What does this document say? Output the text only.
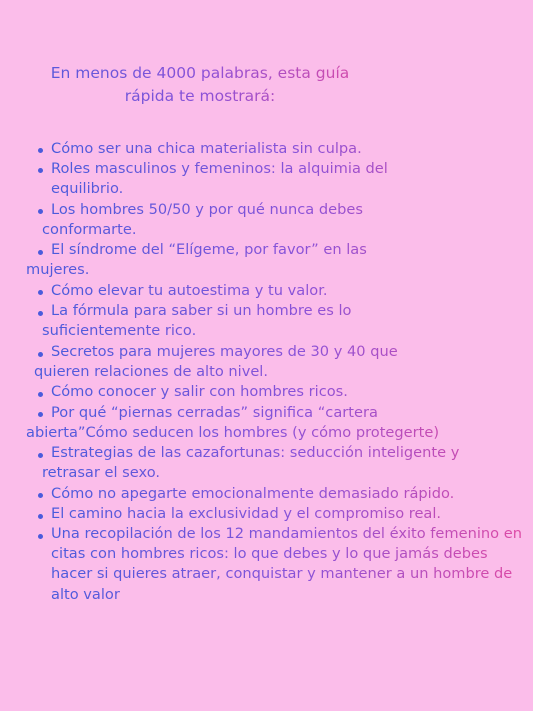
En menos de 4000 palabras, esta guía
rápida te mostrará:
Cómo ser una chica materialista sin culpa.
Roles masculinos y femeninos: la alquimia del
equilibrio.
Los hombres 50/50 y por qué nunca debes
conformarte.
El síndrome del “Elígeme, por favor” en las
mujeres.
Cómo elevar tu autoestima y tu valor.
La fórmula para saber si un hombre es lo
suficientemente rico.
Secretos para mujeres mayores de 30 y 40 que
quieren relaciones de alto nivel.
Cómo conocer y salir con hombres ricos.
Por qué “piernas cerradas” significa “cartera
abierta”Cómo seducen los hombres (y cómo protegerte)
Estrategias de las cazafortunas: seducción inteligente y
retrasar el sexo.
Cómo no apegarte emocionalmente demasiado rápido.
El camino hacia la exclusividad y el compromiso real.
Una recopilación de los 12 mandamientos del éxito femenino en
citas con hombres ricos: lo que debes y lo que jamás debes
hacer si quieres atraer, conquistar y mantener a un hombre de
alto valor
